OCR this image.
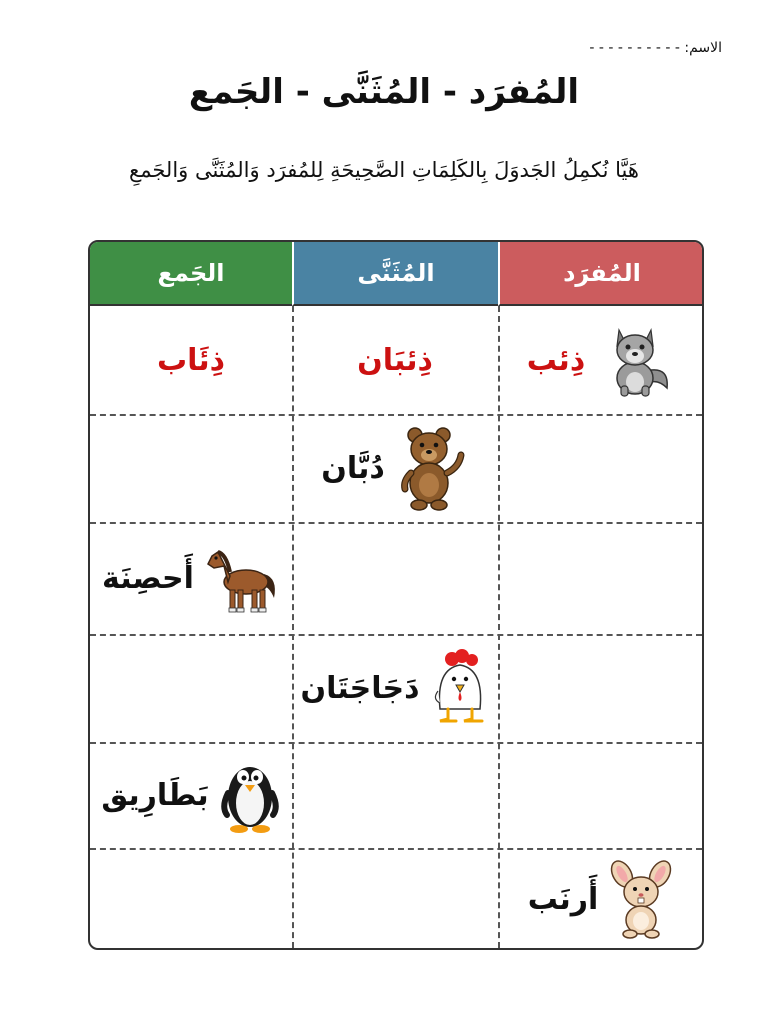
الاسم: - - - - - - - - - -
المُفرَد - المُثَنَّى - الجَمع
هَيَّا نُكمِلُ الجَدوَلَ بِالكَلِمَاتِ الصَّحِيحَةِ لِلمُفرَد وَالمُثَنَّى وَالجَمعِ
الجَمع	المُثَنَّى	المُفرَد
ذِئب
ذِئبَان
ذِئَاب
دُبَّان
أَحصِنَة
دَجَاجَتَان
بَطَارِيق
أَرنَب
